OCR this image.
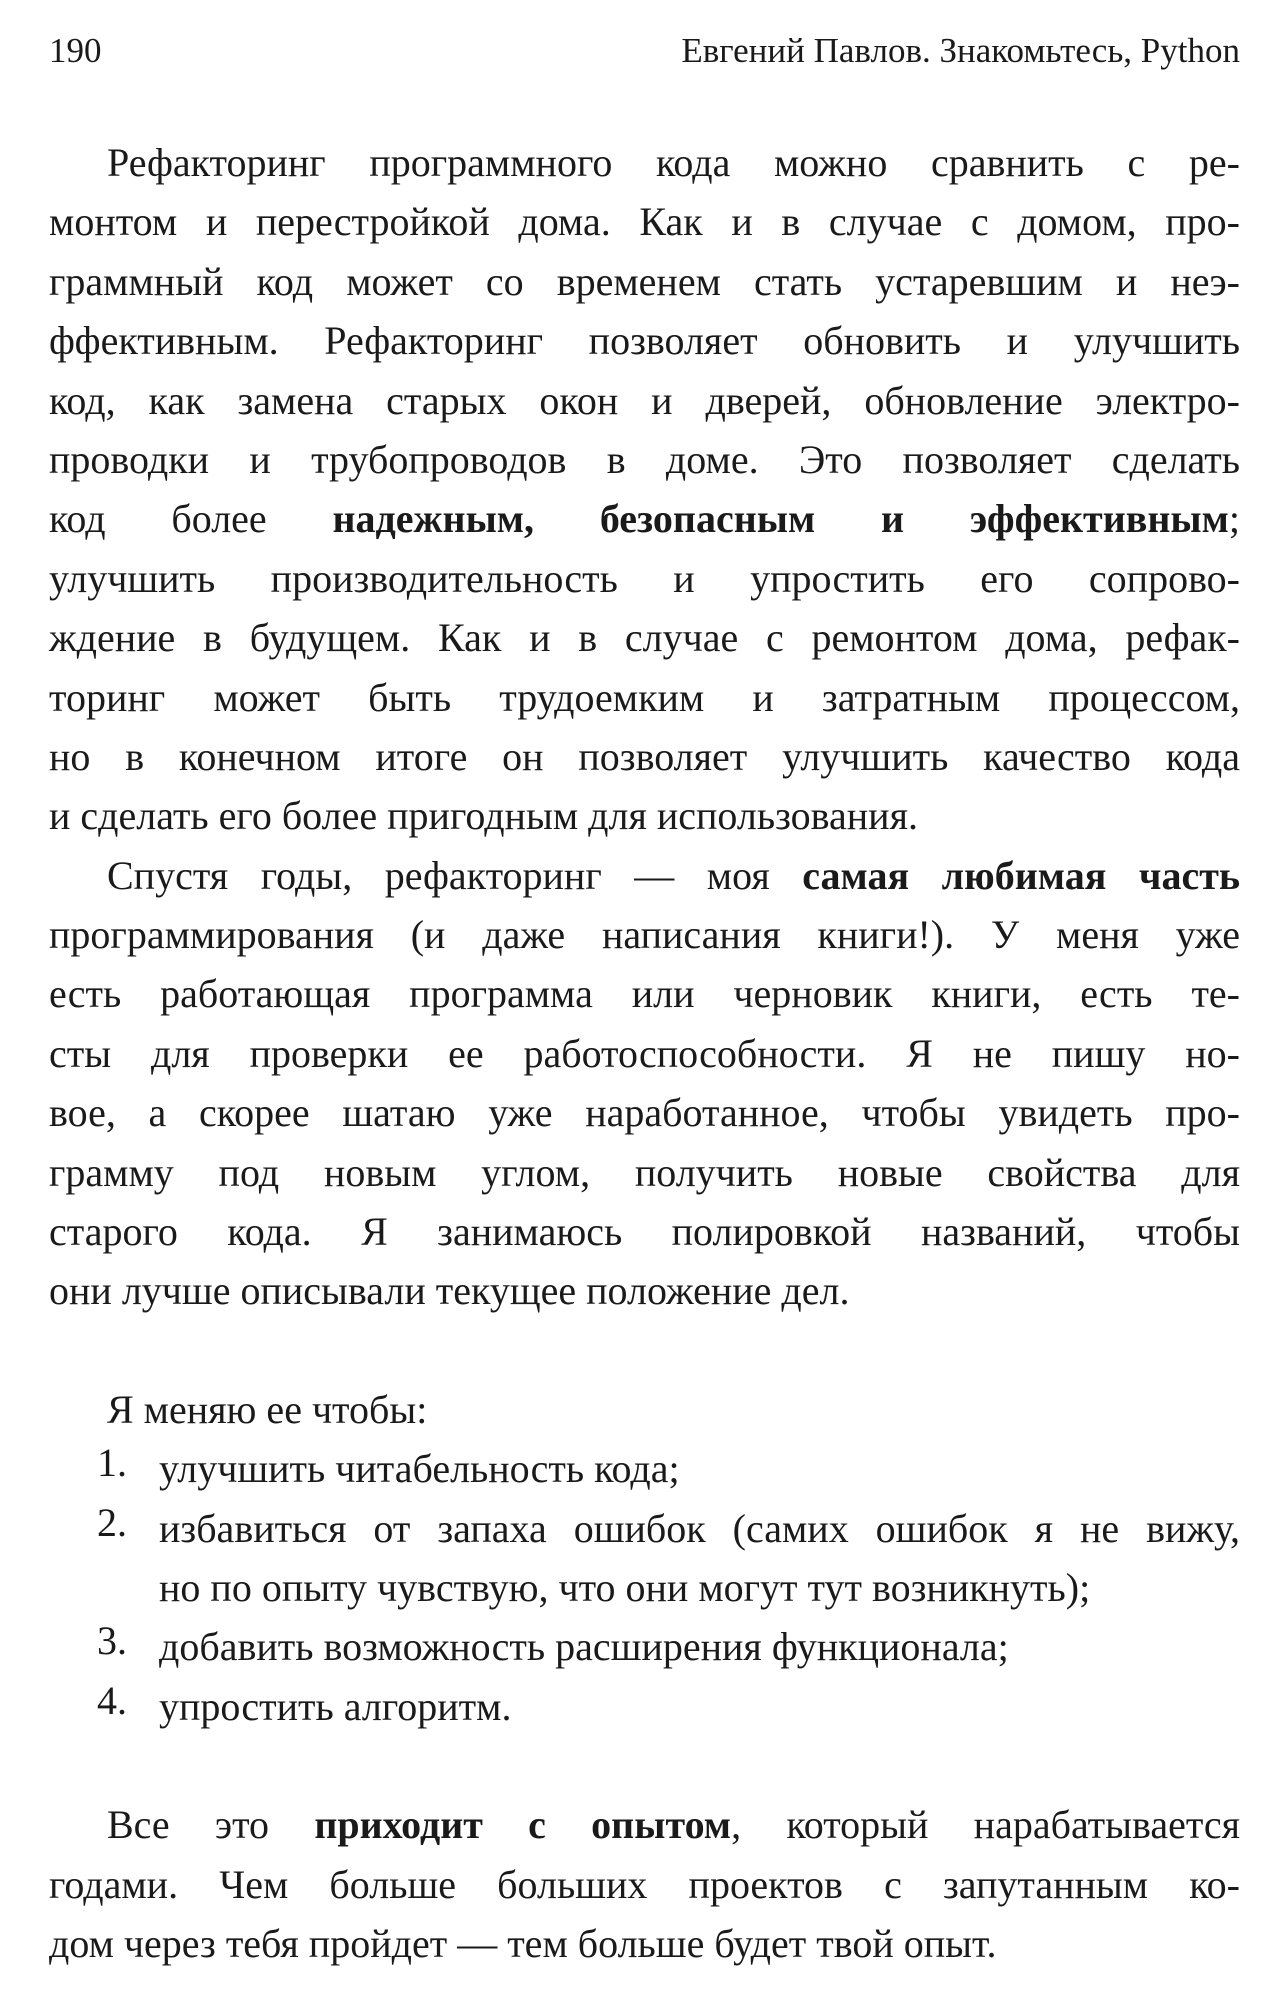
190	Евгений Павлов. Знакомьтесь, Python
Рефакторинг программного кода можно сравнить с ре-
монтом и перестройкой дома. Как и в случае с домом, про-
граммный код может со временем стать устаревшим и неэ-
ффективным. Рефакторинг позволяет обновить и улучшить
код, как замена старых окон и дверей, обновление электро-
проводки и трубопроводов в доме. Это позволяет сделать
код более надежным, безопасным и эффективным;
улучшить производительность и упростить его сопрово-
ждение в будущем. Как и в случае с ремонтом дома, рефак-
торинг может быть трудоемким и затратным процессом,
но в конечном итоге он позволяет улучшить качество кода
и сделать его более пригодным для использования.
Спустя годы, рефакторинг — моя самая любимая часть
программирования (и даже написания книги!). У меня уже
есть работающая программа или черновик книги, есть те-
сты для проверки ее работоспособности. Я не пишу но-
вое, а скорее шатаю уже наработанное, чтобы увидеть про-
грамму под новым углом, получить новые свойства для
старого кода. Я занимаюсь полировкой названий, чтобы
они лучше описывали текущее положение дел.
Я меняю ее чтобы:
1. улучшить читабельность кода;
2. избавиться от запаха ошибок (самих ошибок я не вижу,
но по опыту чувствую, что они могут тут возникнуть);
3. добавить возможность расширения функционала;
4. упростить алгоритм.
Все это приходит с опытом, который нарабатывается
годами. Чем больше больших проектов с запутанным ко-
дом через тебя пройдет — тем больше будет твой опыт.
